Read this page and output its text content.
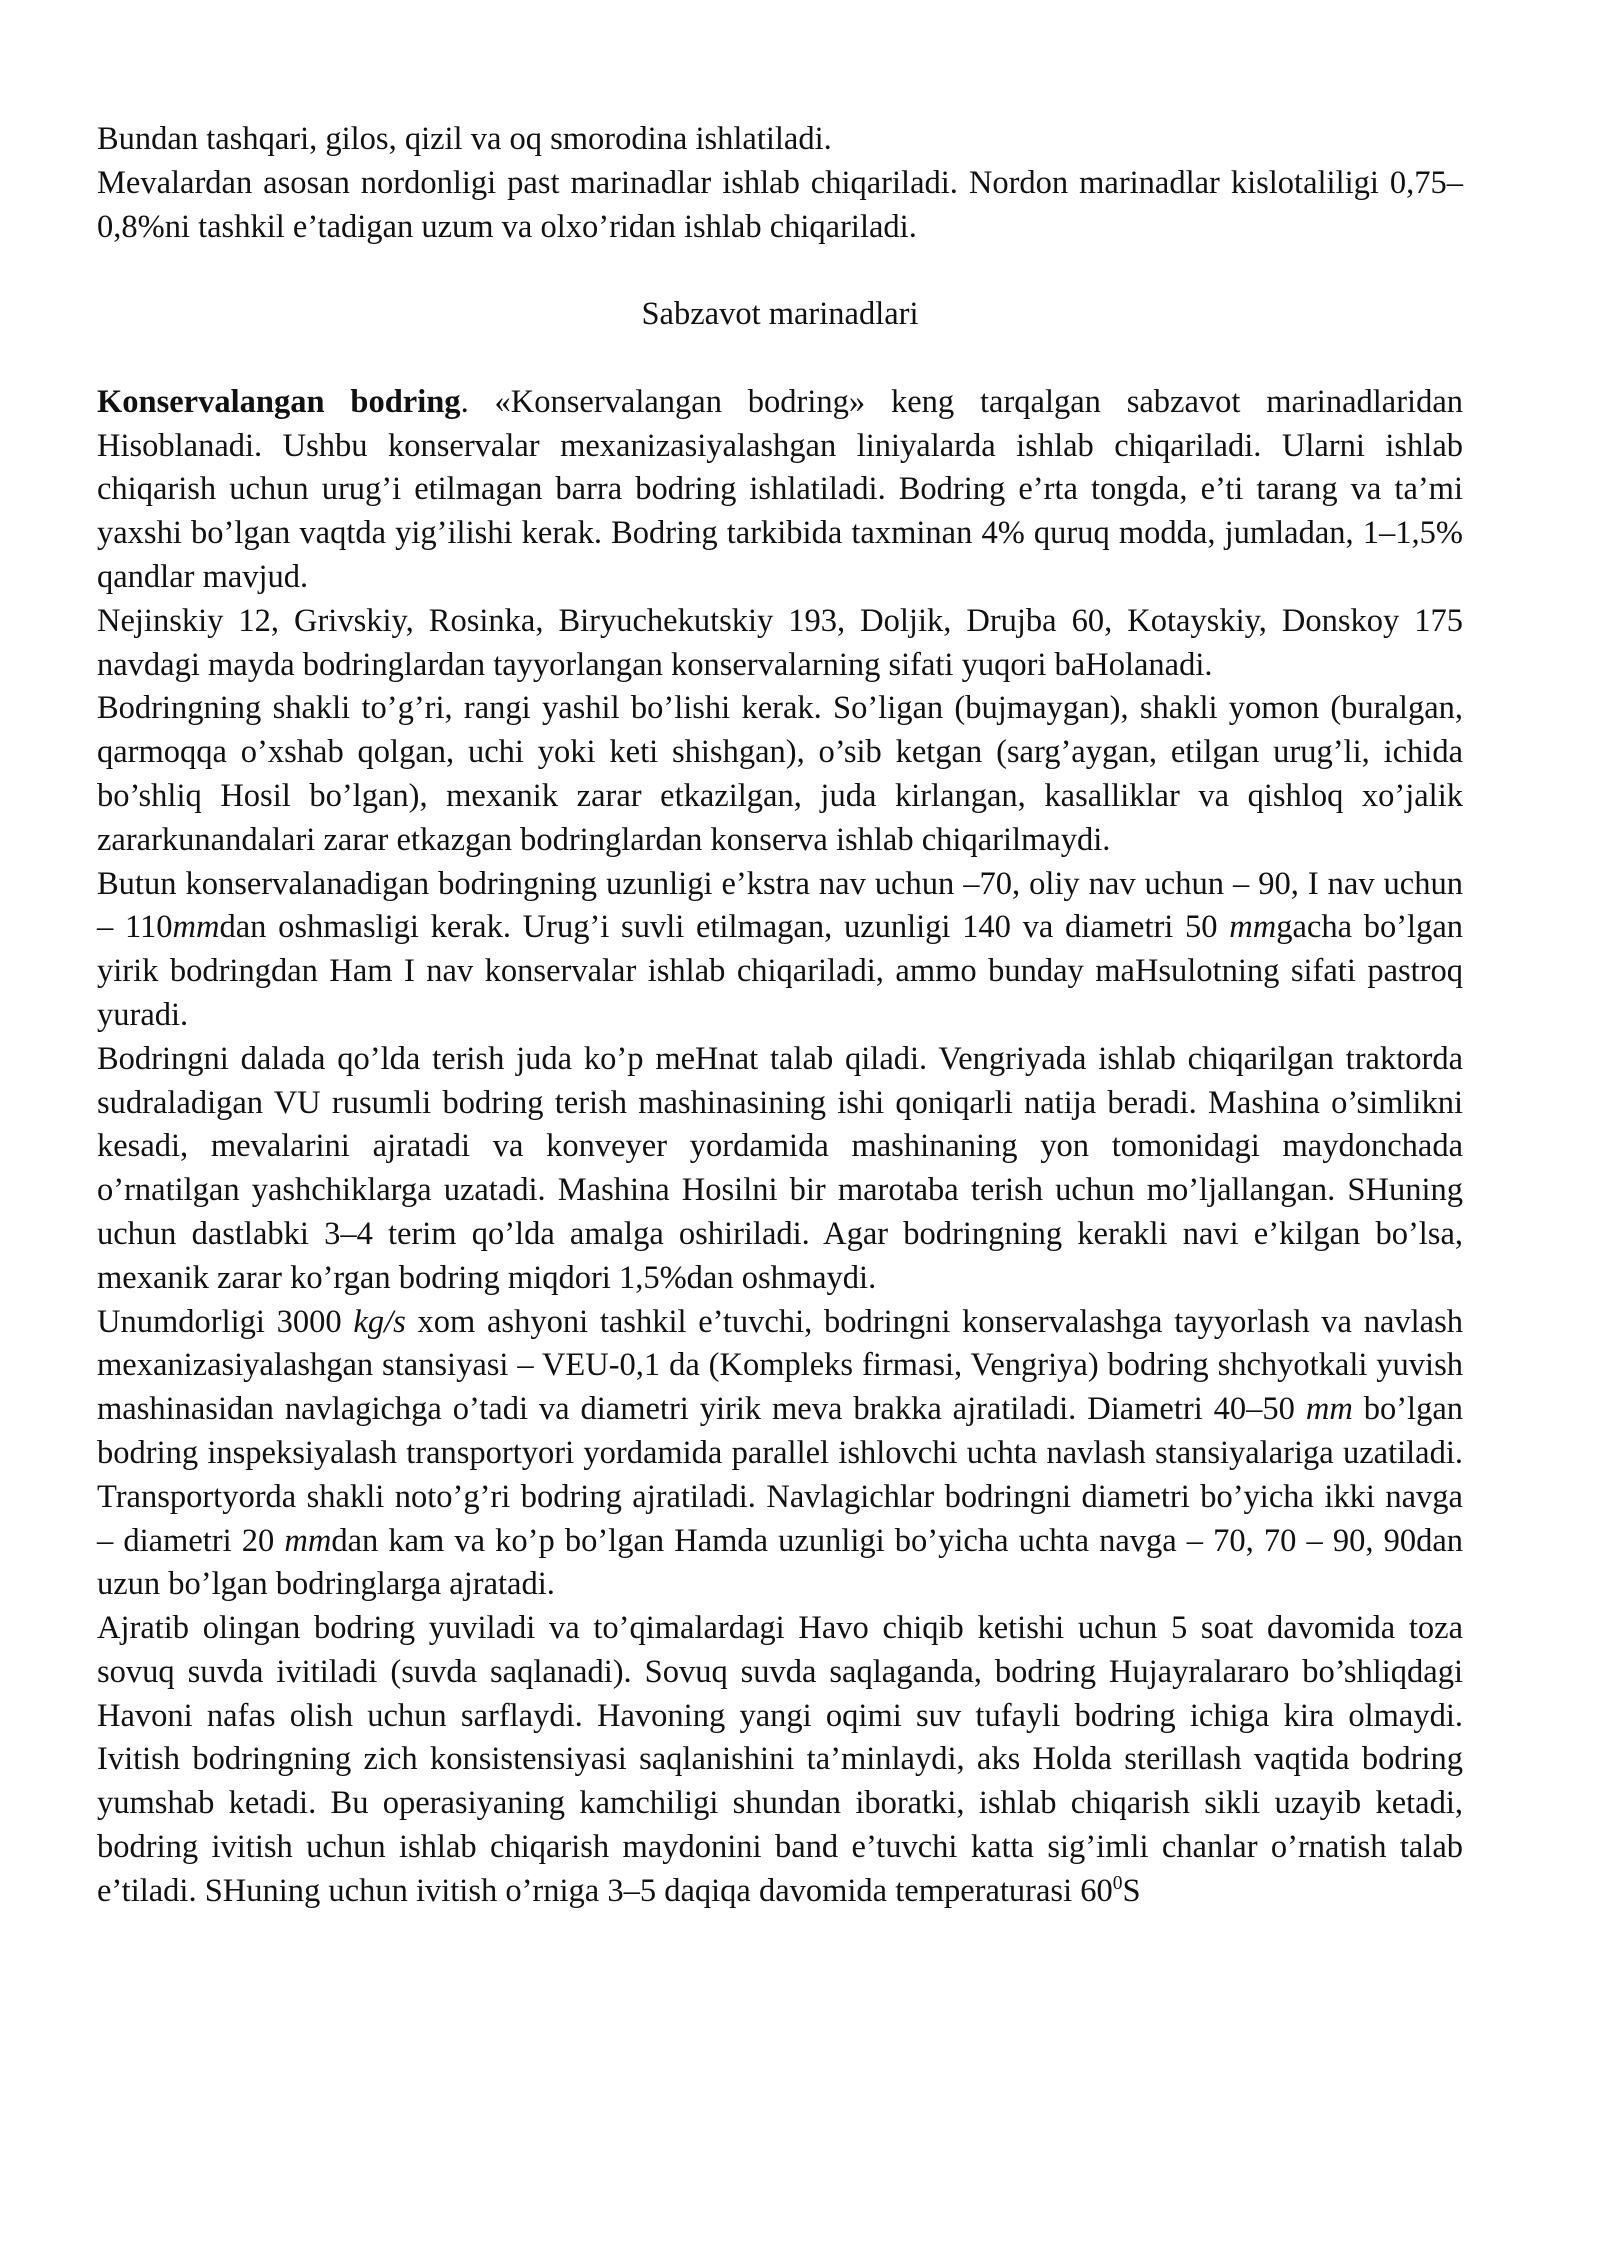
Bundan tashqari, gilos, qizil va oq smorodina ishlatiladi.

Mevalardan asosan nordonligi past marinadlar ishlab chiqariladi. Nordon marinadlar kislotaliligi 0,75–0,8%ni tashkil e’tadigan uzum va olxo’ridan ishlab chiqariladi.

Sabzavot marinadlari

Konservalangan bodring. «Konservalangan bodring» keng tarqalgan sabzavot marinadlaridan Hisoblanadi. Ushbu konservalar mexanizasiyalashgan liniyalarda ishlab chiqariladi. Ularni ishlab chiqarish uchun urug’i etilmagan barra bodring ishlatiladi. Bodring e’rta tongda, e’ti tarang va ta’mi yaxshi bo’lgan vaqtda yig’ilishi kerak. Bodring tarkibida taxminan 4% quruq modda, jumladan, 1–1,5% qandlar mavjud.

Nejinskiy 12, Grivskiy, Rosinka, Biryuchekutskiy 193, Doljik, Drujba 60, Kotayskiy, Donskoy 175 navdagi mayda bodringlardan tayyorlangan konservalarning sifati yuqori baHolanadi.

Bodringning shakli to’g’ri, rangi yashil bo’lishi kerak. So’ligan (bujmaygan), shakli yomon (buralgan, qarmoqqa o’xshab qolgan, uchi yoki keti shishgan), o’sib ketgan (sarg’aygan, etilgan urug’li, ichida bo’shliq Hosil bo’lgan), mexanik zarar etkazilgan, juda kirlangan, kasalliklar va qishloq xo’jalik zararkunandalari zarar etkazgan bodringlardan konserva ishlab chiqarilmaydi.

Butun konservalanadigan bodringning uzunligi e’kstra nav uchun –70, oliy nav uchun – 90, I nav uchun – 110mmdan oshmasligi kerak. Urug’i suvli etilmagan, uzunligi 140 va diametri 50 mmgacha bo’lgan yirik bodringdan Ham I nav konservalar ishlab chiqariladi, ammo bunday maHsulotning sifati pastroq yuradi.

Bodringni dalada qo’lda terish juda ko’p meHnat talab qiladi. Vengriyada ishlab chiqarilgan traktorda sudraladigan VU rusumli bodring terish mashinasining ishi qoniqarli natija beradi. Mashina o’simlikni kesadi, mevalarini ajratadi va konveyer yordamida mashinaning yon tomonidagi maydonchada o’rnatilgan yashchiklarga uzatadi. Mashina Hosilni bir marotaba terish uchun mo’ljallangan. SHuning uchun dastlabki 3–4 terim qo’lda amalga oshiriladi. Agar bodringning kerakli navi e’kilgan bo’lsa, mexanik zarar ko’rgan bodring miqdori 1,5%dan oshmaydi.

Unumdorligi 3000 kg/s xom ashyoni tashkil e’tuvchi, bodringni konservalashga tayyorlash va navlash mexanizasiyalashgan stansiyasi – VEU-0,1 da (Kompleks firmasi, Vengriya) bodring shchyotkali yuvish mashinasidan navlagichga o’tadi va diametri yirik meva brakka ajratiladi. Diametri 40–50 mm bo’lgan bodring inspeksiyalash transportyori yordamida parallel ishlovchi uchta navlash stansiyalariga uzatiladi. Transportyorda shakli noto’g’ri bodring ajratiladi. Navlagichlar bodringni diametri bo’yicha ikki navga – diametri 20 mmdan kam va ko’p bo’lgan Hamda uzunligi bo’yicha uchta navga – 70, 70 – 90, 90dan uzun bo’lgan bodringlarga ajratadi.

Ajratib olingan bodring yuviladi va to’qimalardagi Havo chiqib ketishi uchun 5 soat davomida toza sovuq suvda ivitiladi (suvda saqlanadi). Sovuq suvda saqlaganda, bodring Hujayralararo bo’shliqdagi Havoni nafas olish uchun sarflaydi. Havoning yangi oqimi suv tufayli bodring ichiga kira olmaydi. Ivitish bodringning zich konsistensiyasi saqlanishini ta’minlaydi, aks Holda sterillash vaqtida bodring yumshab ketadi. Bu operasiyaning kamchiligi shundan iboratki, ishlab chiqarish sikli uzayib ketadi, bodring ivitish uchun ishlab chiqarish maydonini band e’tuvchi katta sig’imli chanlar o’rnatish talab e’tiladi. SHuning uchun ivitish o’rniga 3–5 daqiqa davomida temperaturasi $60^0S$
